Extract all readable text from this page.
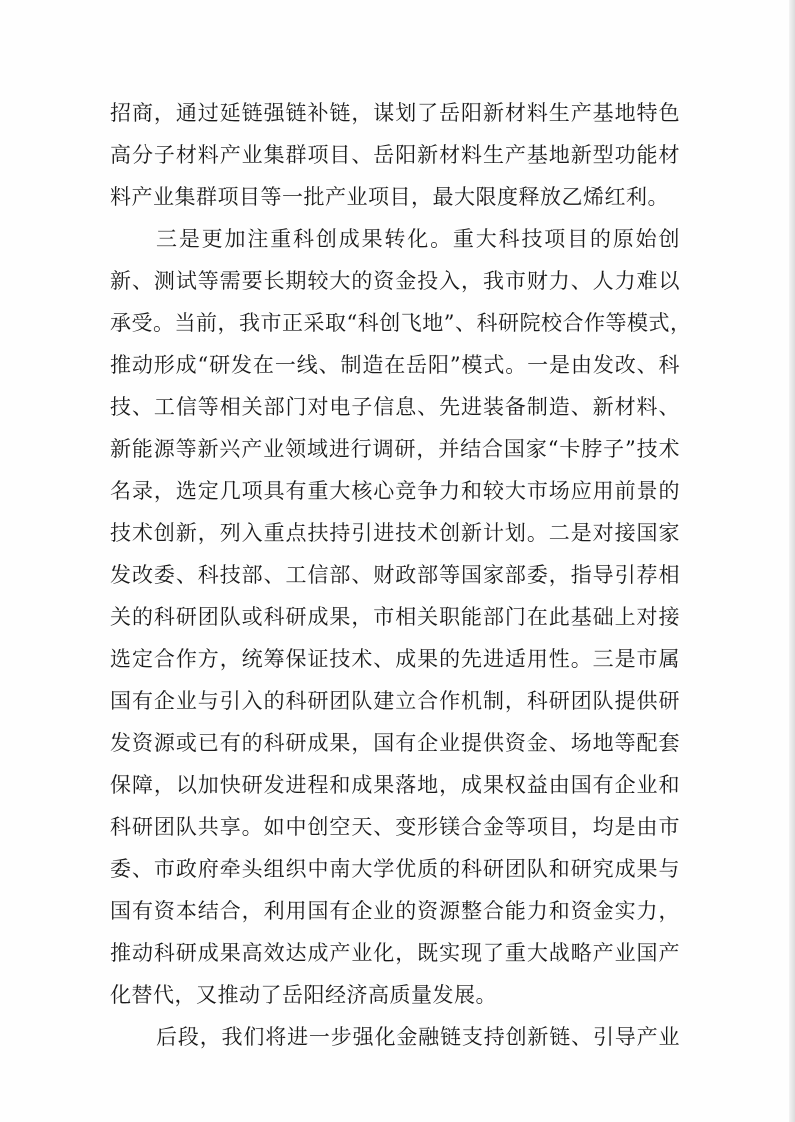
招商，通过延链强链补链，谋划了岳阳新材料生产基地特色
高分子材料产业集群项目、岳阳新材料生产基地新型功能材
料产业集群项目等一批产业项目，最大限度释放乙烯红利。
三是更加注重科创成果转化。重大科技项目的原始创
新、测试等需要长期较大的资金投入，我市财力、人力难以
承受。当前，我市正采取“科创飞地”、科研院校合作等模式，
推动形成“研发在一线、制造在岳阳”模式。一是由发改、科
技、工信等相关部门对电子信息、先进装备制造、新材料、
新能源等新兴产业领域进行调研，并结合国家“卡脖子”技术
名录，选定几项具有重大核心竞争力和较大市场应用前景的
技术创新，列入重点扶持引进技术创新计划。二是对接国家
发改委、科技部、工信部、财政部等国家部委，指导引荐相
关的科研团队或科研成果，市相关职能部门在此基础上对接
选定合作方，统筹保证技术、成果的先进适用性。三是市属
国有企业与引入的科研团队建立合作机制，科研团队提供研
发资源或已有的科研成果，国有企业提供资金、场地等配套
保障，以加快研发进程和成果落地，成果权益由国有企业和
科研团队共享。如中创空天、变形镁合金等项目，均是由市
委、市政府牵头组织中南大学优质的科研团队和研究成果与
国有资本结合，利用国有企业的资源整合能力和资金实力，
推动科研成果高效达成产业化，既实现了重大战略产业国产
化替代，又推动了岳阳经济高质量发展。
后段，我们将进一步强化金融链支持创新链、引导产业
